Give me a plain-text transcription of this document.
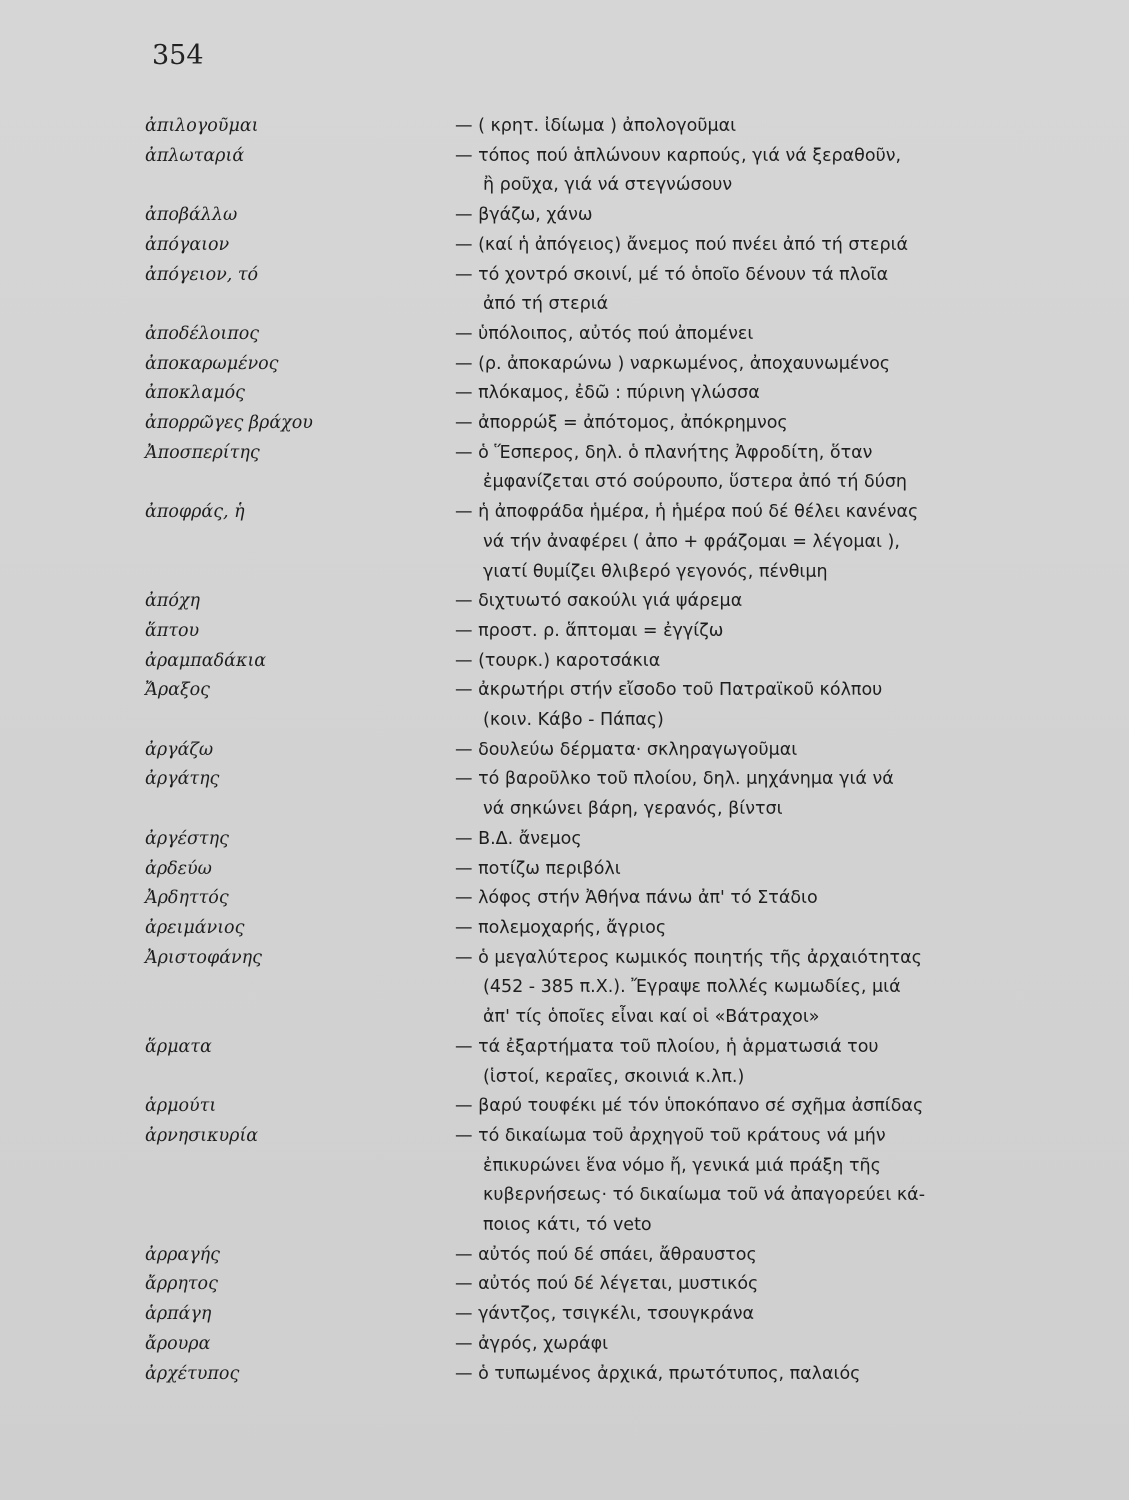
354
ἀπιλογοῦμαι	— ( κρητ. ἰδίωμα ) ἀπολογοῦμαι
ἀπλωταριά	— τόπος πού ἁπλώνουν καρπούς, γιά νά ξεραθοῦν,
ἢ ροῦχα, γιά νά στεγνώσουν
ἀποβάλλω	— βγάζω, χάνω
ἀπόγαιον	— (καί ἡ ἀπόγειος) ἄνεμος πού πνέει ἀπό τή στεριά
ἀπόγειον, τό	— τό χοντρό σκοινί, μέ τό ὁποῖο δένουν τά πλοῖα
ἀπό τή στεριά
ἀποδέλοιπος	— ὑπόλοιπος, αὐτός πού ἀπομένει
ἀποκαρωμένος	— (ρ. ἀποκαρώνω ) ναρκωμένος, ἀποχαυνωμένος
ἀποκλαμός	— πλόκαμος, ἐδῶ : πύρινη γλώσσα
ἀπορρῶγες βράχου	— ἀπορρώξ = ἀπότομος, ἀπόκρημνος
Ἀποσπερίτης	— ὁ Ἕσπερος, δηλ. ὁ πλανήτης Ἀφροδίτη, ὅταν
ἐμφανίζεται στό σούρουπο, ὕστερα ἀπό τή δύση
ἀποφράς, ἡ	— ἡ ἀποφράδα ἡμέρα, ἡ ἡμέρα πού δέ θέλει κανένας
νά τήν ἀναφέρει ( ἀπο + φράζομαι = λέγομαι ),
γιατί θυμίζει θλιβερό γεγονός, πένθιμη
ἀπόχη	— διχτυωτό σακούλι γιά ψάρεμα
ἅπτου	— προστ. ρ. ἅπτομαι = ἐγγίζω
ἀραμπαδάκια	— (τουρκ.) καροτσάκια
Ἄραξος	— ἀκρωτήρι στήν εἴσοδο τοῦ Πατραϊκοῦ κόλπου
(κοιν. Κάβο - Πάπας)
ἀργάζω	— δουλεύω δέρματα· σκληραγωγοῦμαι
ἀργάτης	— τό βαροῦλκο τοῦ πλοίου, δηλ. μηχάνημα γιά νά
νά σηκώνει βάρη, γερανός, βίντσι
ἀργέστης	— Β.Δ. ἄνεμος
ἀρδεύω	— ποτίζω περιβόλι
Ἀρδηττός	— λόφος στήν Ἀθήνα πάνω ἀπ' τό Στάδιο
ἀρειμάνιος	— πολεμοχαρής, ἄγριος
Ἀριστοφάνης	— ὁ μεγαλύτερος κωμικός ποιητής τῆς ἀρχαιότητας
(452 - 385 π.Χ.). Ἔγραψε πολλές κωμωδίες, μιά
ἀπ' τίς ὁποῖες εἶναι καί οἱ «Βάτραχοι»
ἅρματα	— τά ἐξαρτήματα τοῦ πλοίου, ἡ ἁρματωσιά του
(ἱστοί, κεραῖες, σκοινιά κ.λπ.)
ἁρμούτι	— βαρύ τουφέκι μέ τόν ὑποκόπανο σέ σχῆμα ἀσπίδας
ἀρνησικυρία	— τό δικαίωμα τοῦ ἀρχηγοῦ τοῦ κράτους νά μήν
ἐπικυρώνει ἕνα νόμο ἤ, γενικά μιά πράξη τῆς
κυβερνήσεως· τό δικαίωμα τοῦ νά ἀπαγορεύει κά-
ποιος κάτι, τό veto
ἀρραγής	— αὐτός πού δέ σπάει, ἄθραυστος
ἄρρητος	— αὐτός πού δέ λέγεται, μυστικός
ἁρπάγη	— γάντζος, τσιγκέλι, τσουγκράνα
ἄρουρα	— ἀγρός, χωράφι
ἀρχέτυπος	— ὁ τυπωμένος ἀρχικά, πρωτότυπος, παλαιός
